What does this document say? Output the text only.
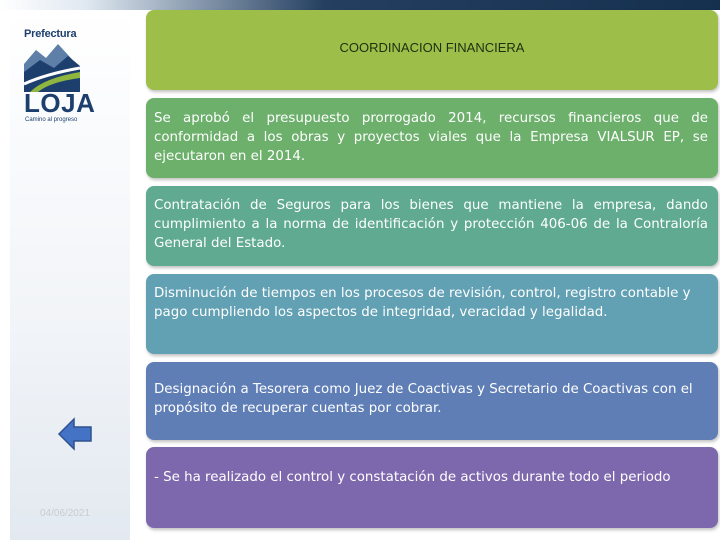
Prefectura
LOJA
Camino al progreso
04/06/2021
COORDINACION FINANCIERA

Se aprobó el presupuesto prorrogado 2014, recursos financieros que de conformidad a los obras y proyectos viales que la Empresa VIALSUR EP, se ejecutaron en el 2014.

Contratación de Seguros para los bienes que mantiene la empresa, dando cumplimiento a la norma de identificación y protección 406-06 de la Contraloría General del Estado.

Disminución de tiempos en los procesos de revisión, control, registro contable y pago cumpliendo los aspectos de integridad, veracidad y legalidad.

Designación a Tesorera como Juez de Coactivas y Secretario de Coactivas con el propósito de recuperar cuentas por cobrar.

- Se ha realizado el control y constatación de activos durante todo el periodo
